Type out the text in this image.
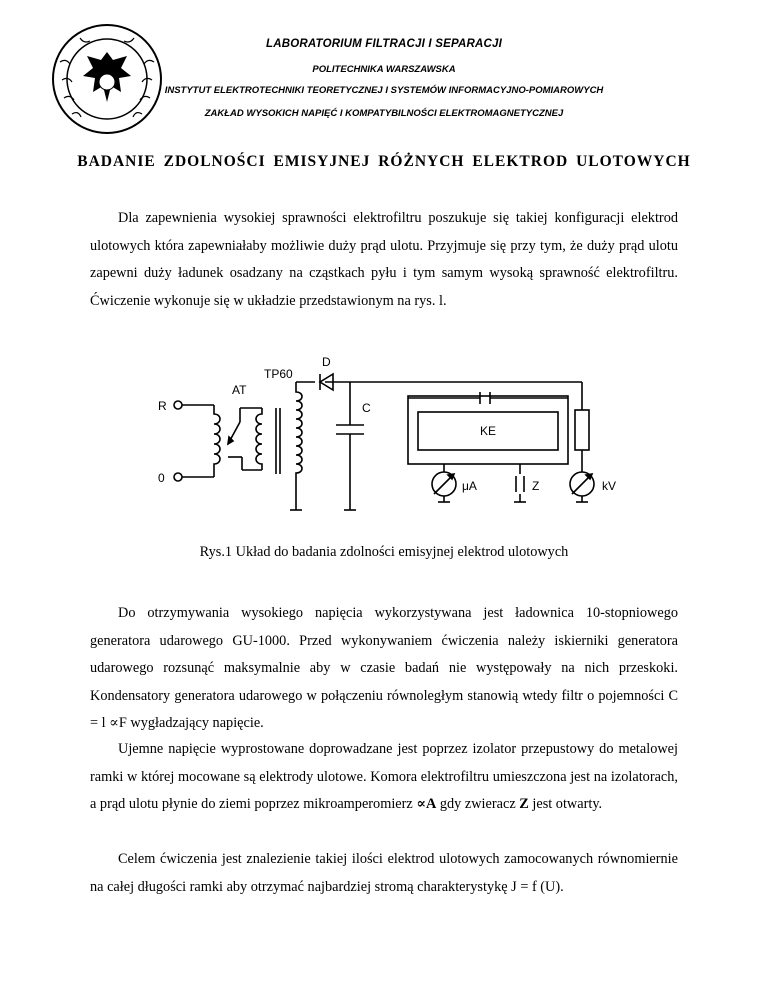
LABORATORIUM FILTRACJI I SEPARACJI
POLITECHNIKA WARSZAWSKA
INSTYTUT ELEKTROTECHNIKI TEORETYCZNEJ I SYSTEMÓW INFORMACYJNO-POMIAROWYCH
ZAKŁAD WYSOKICH NAPIĘĆ I KOMPATYBILNOŚCI ELEKTROMAGNETYCZNEJ
BADANIE ZDOLNOŚCI EMISYJNEJ RÓŻNYCH ELEKTROD ULOTOWYCH

Dla zapewnienia wysokiej sprawności elektrofiltru poszukuje się takiej konfiguracji elektrod ulotowych która zapewniałaby możliwie duży prąd ulotu. Przyjmuje się przy tym, że duży prąd ulotu zapewni duży ładunek osadzany na cząstkach pyłu i tym samym wysoką sprawność elektrofiltru. Ćwiczenie wykonuje się w układzie przedstawionym na rys. l.

R
0
AT
TP60
D
C
KE
μA	Z	kV
Rys.1 Układ do badania zdolności emisyjnej elektrod ulotowych

Do otrzymywania wysokiego napięcia wykorzystywana jest ładownica 10-stopniowego generatora udarowego GU-1000. Przed wykonywaniem ćwiczenia należy iskierniki generatora udarowego rozsunąć maksymalnie aby w czasie badań nie występowały na nich przeskoki. Kondensatory generatora udarowego w połączeniu równoległym stanowią wtedy filtr o pojemności C = l ∝F wygładzający napięcie.

Ujemne napięcie wyprostowane doprowadzane jest poprzez izolator przepustowy do metalowej ramki w której mocowane są elektrody ulotowe. Komora elektrofiltru umieszczona jest na izolatorach, a prąd ulotu płynie do ziemi poprzez mikroamperomierz ∝A gdy zwieracz Z jest otwarty.

Celem ćwiczenia jest znalezienie takiej ilości elektrod ulotowych zamocowanych równomiernie na całej długości ramki aby otrzymać najbardziej stromą charakterystykę J = f (U).
